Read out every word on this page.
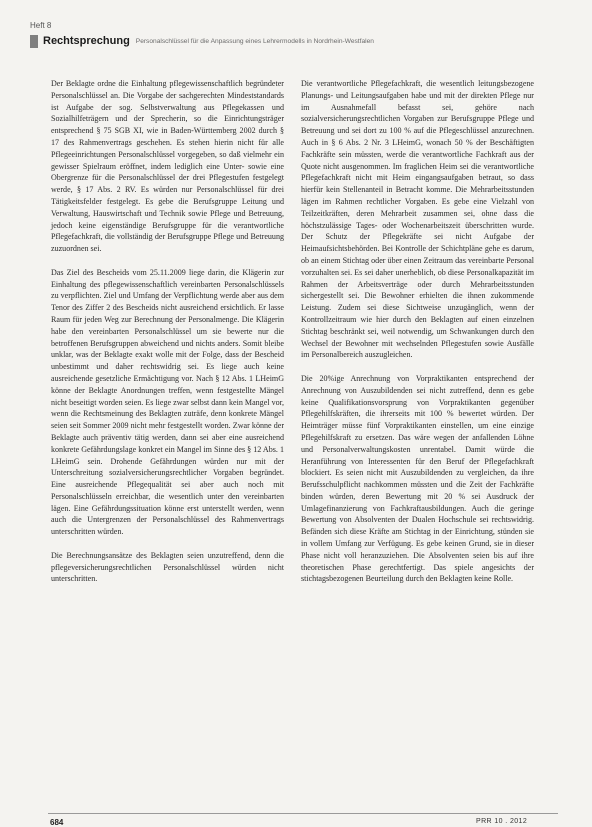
Heft 8
Rechtsprechung Personalschlüssel für die Anpassung eines Lehrermodells in Nordrhein-Westfalen

Der Beklagte ordne die Einhaltung pflegewissenschaftlich begründeter Personalschlüssel an. Die Vorgabe der sachgerechten Mindeststandards ist Aufgabe der sog. Selbstverwaltung aus Pflegekassen und Sozialhilfeträgern und der Sprecherin, so die Einrichtungsträger entsprechend § 75 SGB XI, wie in Baden-Württemberg 2002 durch § 17 des Rahmenvertrags geschehen. Es stehen hierin nicht für alle Pflegeeinrichtungen Personalschlüssel vorgegeben, so daß vielmehr ein gewisser Spielraum eröffnet, indem lediglich eine Unter- sowie eine Obergrenze für die Personalschlüssel der drei Pflegestufen festgelegt werde, § 17 Abs. 2 RV. Es würden nur Personalschlüssel für drei Tätigkeitsfelder festgelegt. Es gebe die Berufsgruppe Leitung und Verwaltung, Hauswirtschaft und Technik sowie Pflege und Betreuung, jedoch keine eigenständige Berufsgruppe für die verantwortliche Pflegefachkraft, die vollständig der Berufsgruppe Pflege und Betreuung zuzuordnen sei.

Das Ziel des Bescheids vom 25.11.2009 liege darin, die Klägerin zur Einhaltung des pflegewissenschaftlich vereinbarten Personalschlüssels zu verpflichten. Ziel und Umfang der Verpflichtung werde aber aus dem Tenor des Ziffer 2 des Bescheids nicht ausreichend ersichtlich. Er lasse Raum für jeden Weg zur Berechnung der Personalmenge. Die Klägerin habe den vereinbarten Personalschlüssel um sie bewerte nur die betroffenen Berufsgruppen abweichend und nichts anders. Somit bleibe unklar, was der Beklagte exakt wolle mit der Folge, dass der Bescheid unbestimmt und daher rechtswidrig sei. Es liege auch keine ausreichende gesetzliche Ermächtigung vor. Nach § 12 Abs. 1 LHeimG könne der Beklagte Anordnungen treffen, wenn festgestellte Mängel nicht beseitigt worden seien. Es liege zwar selbst dann kein Mangel vor, wenn die Rechtsmeinung des Beklagten zuträfe, denn konkrete Mängel seien seit Sommer 2009 nicht mehr festgestellt worden. Zwar könne der Beklagte auch präventiv tätig werden, dann sei aber eine ausreichend konkrete Gefährdungslage konkret ein Mangel im Sinne des § 12 Abs. 1 LHeimG sein. Drohende Gefährdungen würden nur mit der Unterschreitung sozialversicherungsrechtlicher Vorgaben begründet. Eine ausreichende Pflegequalität sei aber auch noch mit Personalschlüsseln erreichbar, die wesentlich unter den vereinbarten lägen. Eine Gefährdungssituation könne erst unterstellt werden, wenn auch die Untergrenzen der Personalschlüssel des Rahmenvertrags unterschritten würden.

Die Berechnungsansätze des Beklagten seien unzutreffend, denn die pflegeversicherungsrechtlichen Personalschlüssel würden nicht unterschritten.

Die verantwortliche Pflegefachkraft, die wesentlich leitungsbezogene Planungs- und Leitungsaufgaben habe und mit der direkten Pflege nur im Ausnahmefall befasst sei, gehöre nach sozialversicherungsrechtlichen Vorgaben zur Berufsgruppe Pflege und Betreuung und sei dort zu 100 % auf die Pflegeschlüssel anzurechnen. Auch in § 6 Abs. 2 Nr. 3 LHeimG, wonach 50 % der Beschäftigten Fachkräfte sein müssten, werde die verantwortliche Fachkraft aus der Quote nicht ausgenommen. Im fraglichen Heim sei die verantwortliche Pflegefachkraft nicht mit Heim eingangsaufgaben betraut, so dass hierfür kein Stellenanteil in Betracht komme. Die Mehrarbeitsstunden lägen im Rahmen rechtlicher Vorgaben. Es gebe eine Vielzahl von Teilzeitkräften, deren Mehrarbeit zusammen sei, ohne dass die höchstzulässige Tages- oder Wochenarbeitszeit überschritten wurde. Der Schutz der Pflegekräfte sei nicht Aufgabe der Heimaufsichtsbehörden. Bei Kontrolle der Schichtpläne gehe es darum, ob an einem Stichtag oder über einen Zeitraum das vereinbarte Personal vorzuhalten sei. Es sei daher unerheblich, ob diese Personalkapazität im Rahmen der Arbeitsverträge oder durch Mehrarbeitsstunden sichergestellt sei. Die Bewohner erhielten die ihnen zukommende Leistung. Zudem sei diese Sichtweise unzugänglich, wenn der Kontrollzeitraum wie hier durch den Beklagten auf einen einzelnen Stichtag beschränkt sei, weil notwendig, um Schwankungen durch den Wechsel der Bewohner mit wechselnden Pflegestufen sowie Ausfälle im Personalbereich auszugleichen.

Die 20%ige Anrechnung von Vorpraktikanten entsprechend der Anrechnung von Auszubildenden sei nicht zutreffend, denn es gebe keine Qualifikationsvorsprung von Vorpraktikanten gegenüber Pflegehilfskräften, die ihrerseits mit 100 % bewertet würden. Der Heimträger müsse fünf Vorpraktikanten einstellen, um eine einzige Pflegehilfskraft zu ersetzen. Das wäre wegen der anfallenden Löhne und Personalverwaltungskosten unrentabel. Damit würde die Heranführung von Interessenten für den Beruf der Pflegefachkraft blockiert. Es seien nicht mit Auszubildenden zu vergleichen, da ihre Berufsschulpflicht nachkommen müssten und die Zeit der Fachkräfte binden würden, deren Bewertung mit 20 % sei Ausdruck der Umlagefinanzierung von Fachkraftausbildungen. Auch die geringe Bewertung von Absolventen der Dualen Hochschule sei rechtswidrig. Befänden sich diese Kräfte am Stichtag in der Einrichtung, stünden sie in vollem Umfang zur Verfügung. Es gebe keinen Grund, sie in dieser Phase nicht voll heranzuziehen. Die Absolventen seien bis auf ihre theoretischen Phase gerechtfertigt. Das spiele angesichts der stichtagsbezogenen Beurteilung durch den Beklagten keine Rolle.

684	PRR 10 . 2012
